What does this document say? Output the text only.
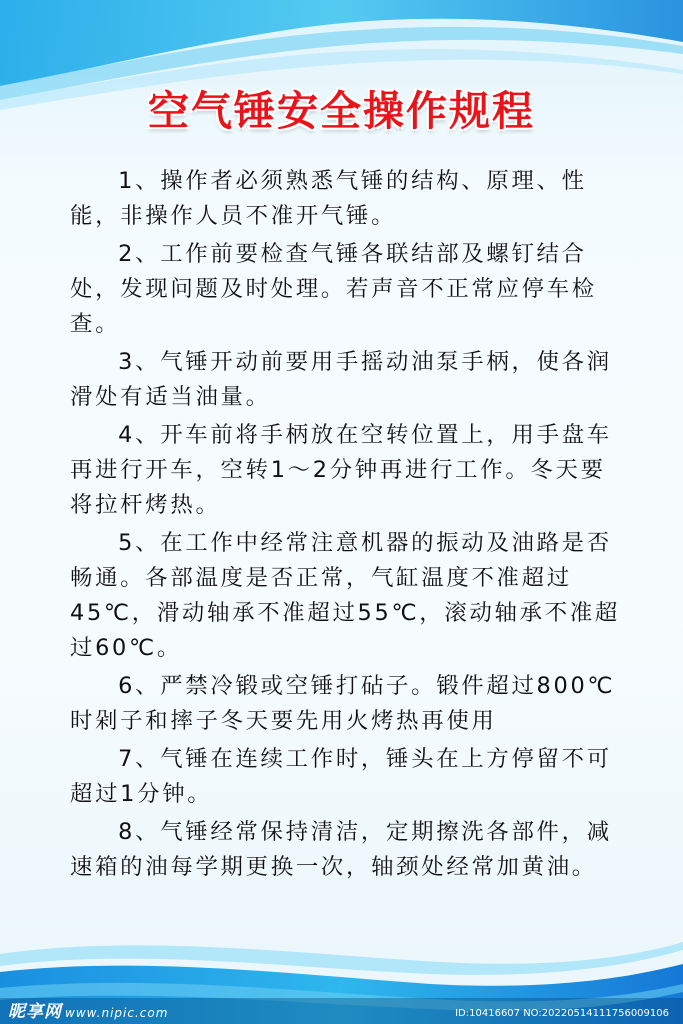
空气锤安全操作规程

1、操作者必须熟悉气锤的结构、原理、性能，非操作人员不准开气锤。

2、工作前要检查气锤各联结部及螺钉结合处，发现问题及时处理。若声音不正常应停车检查。

3、气锤开动前要用手摇动油泵手柄，使各润滑处有适当油量。

4、开车前将手柄放在空转位置上，用手盘车再进行开车，空转1～2分钟再进行工作。冬天要将拉杆烤热。

5、在工作中经常注意机器的振动及油路是否畅通。各部温度是否正常，气缸温度不准超过45℃，滑动轴承不准超过55℃，滚动轴承不准超过60℃。

6、严禁冷锻或空锤打砧子。锻件超过800℃时剁子和摔子冬天要先用火烤热再使用

7、气锤在连续工作时，锤头在上方停留不可超过1分钟。

8、气锤经常保持清洁，定期擦洗各部件，减速箱的油每学期更换一次，轴颈处经常加黄油。

昵享网 www.nipic.com	ID:10416607 NO:20220514111756009106
